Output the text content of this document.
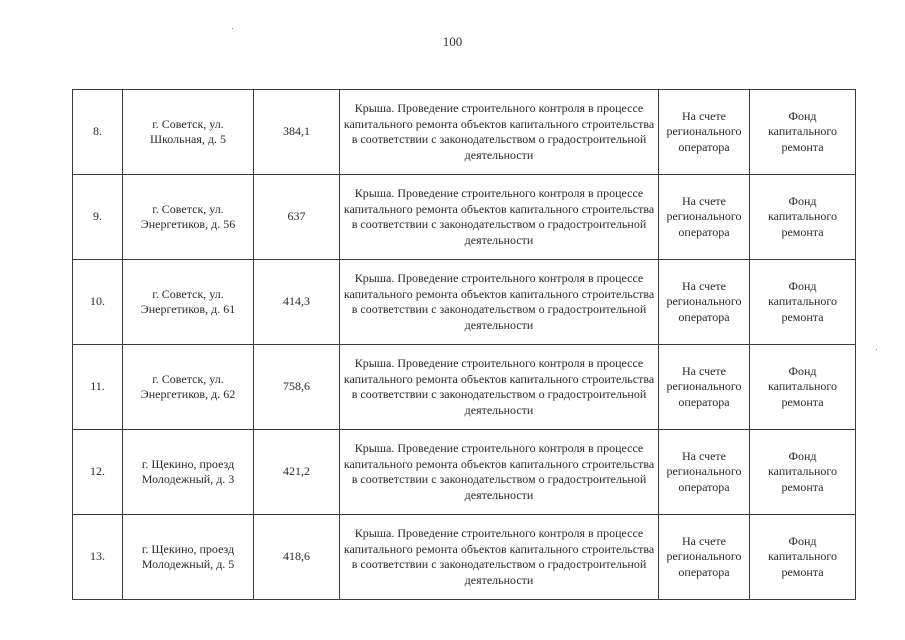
100
8.	г. Советск, ул.
Школьная, д. 5	384,1	Крыша. Проведение строительного контроля в процессе капитального ремонта объектов капитального строительства в соответствии с законодательством о градостроительной деятельности	На счете
регионального
оператора	Фонд
капитального
ремонта

9.	г. Советск, ул.
Энергетиков, д. 56	637	Крыша. Проведение строительного контроля в процессе капитального ремонта объектов капитального строительства в соответствии с законодательством о градостроительной деятельности	На счете
регионального
оператора	Фонд
капитального
ремонта

10.	г. Советск, ул.
Энергетиков, д. 61	414,3	Крыша. Проведение строительного контроля в процессе капитального ремонта объектов капитального строительства в соответствии с законодательством о градостроительной деятельности	На счете
регионального
оператора	Фонд
капитального
ремонта

11.	г. Советск, ул.
Энергетиков, д. 62	758,6	Крыша. Проведение строительного контроля в процессе капитального ремонта объектов капитального строительства в соответствии с законодательством о градостроительной деятельности	На счете
регионального
оператора	Фонд
капитального
ремонта

12.	г. Щекино, проезд
Молодежный, д. 3	421,2	Крыша. Проведение строительного контроля в процессе капитального ремонта объектов капитального строительства в соответствии с законодательством о градостроительной деятельности	На счете
регионального
оператора	Фонд
капитального
ремонта

13.	г. Щекино, проезд
Молодежный, д. 5	418,6	Крыша. Проведение строительного контроля в процессе капитального ремонта объектов капитального строительства в соответствии с законодательством о градостроительной деятельности	На счете
регионального
оператора	Фонд
капитального
ремонта
